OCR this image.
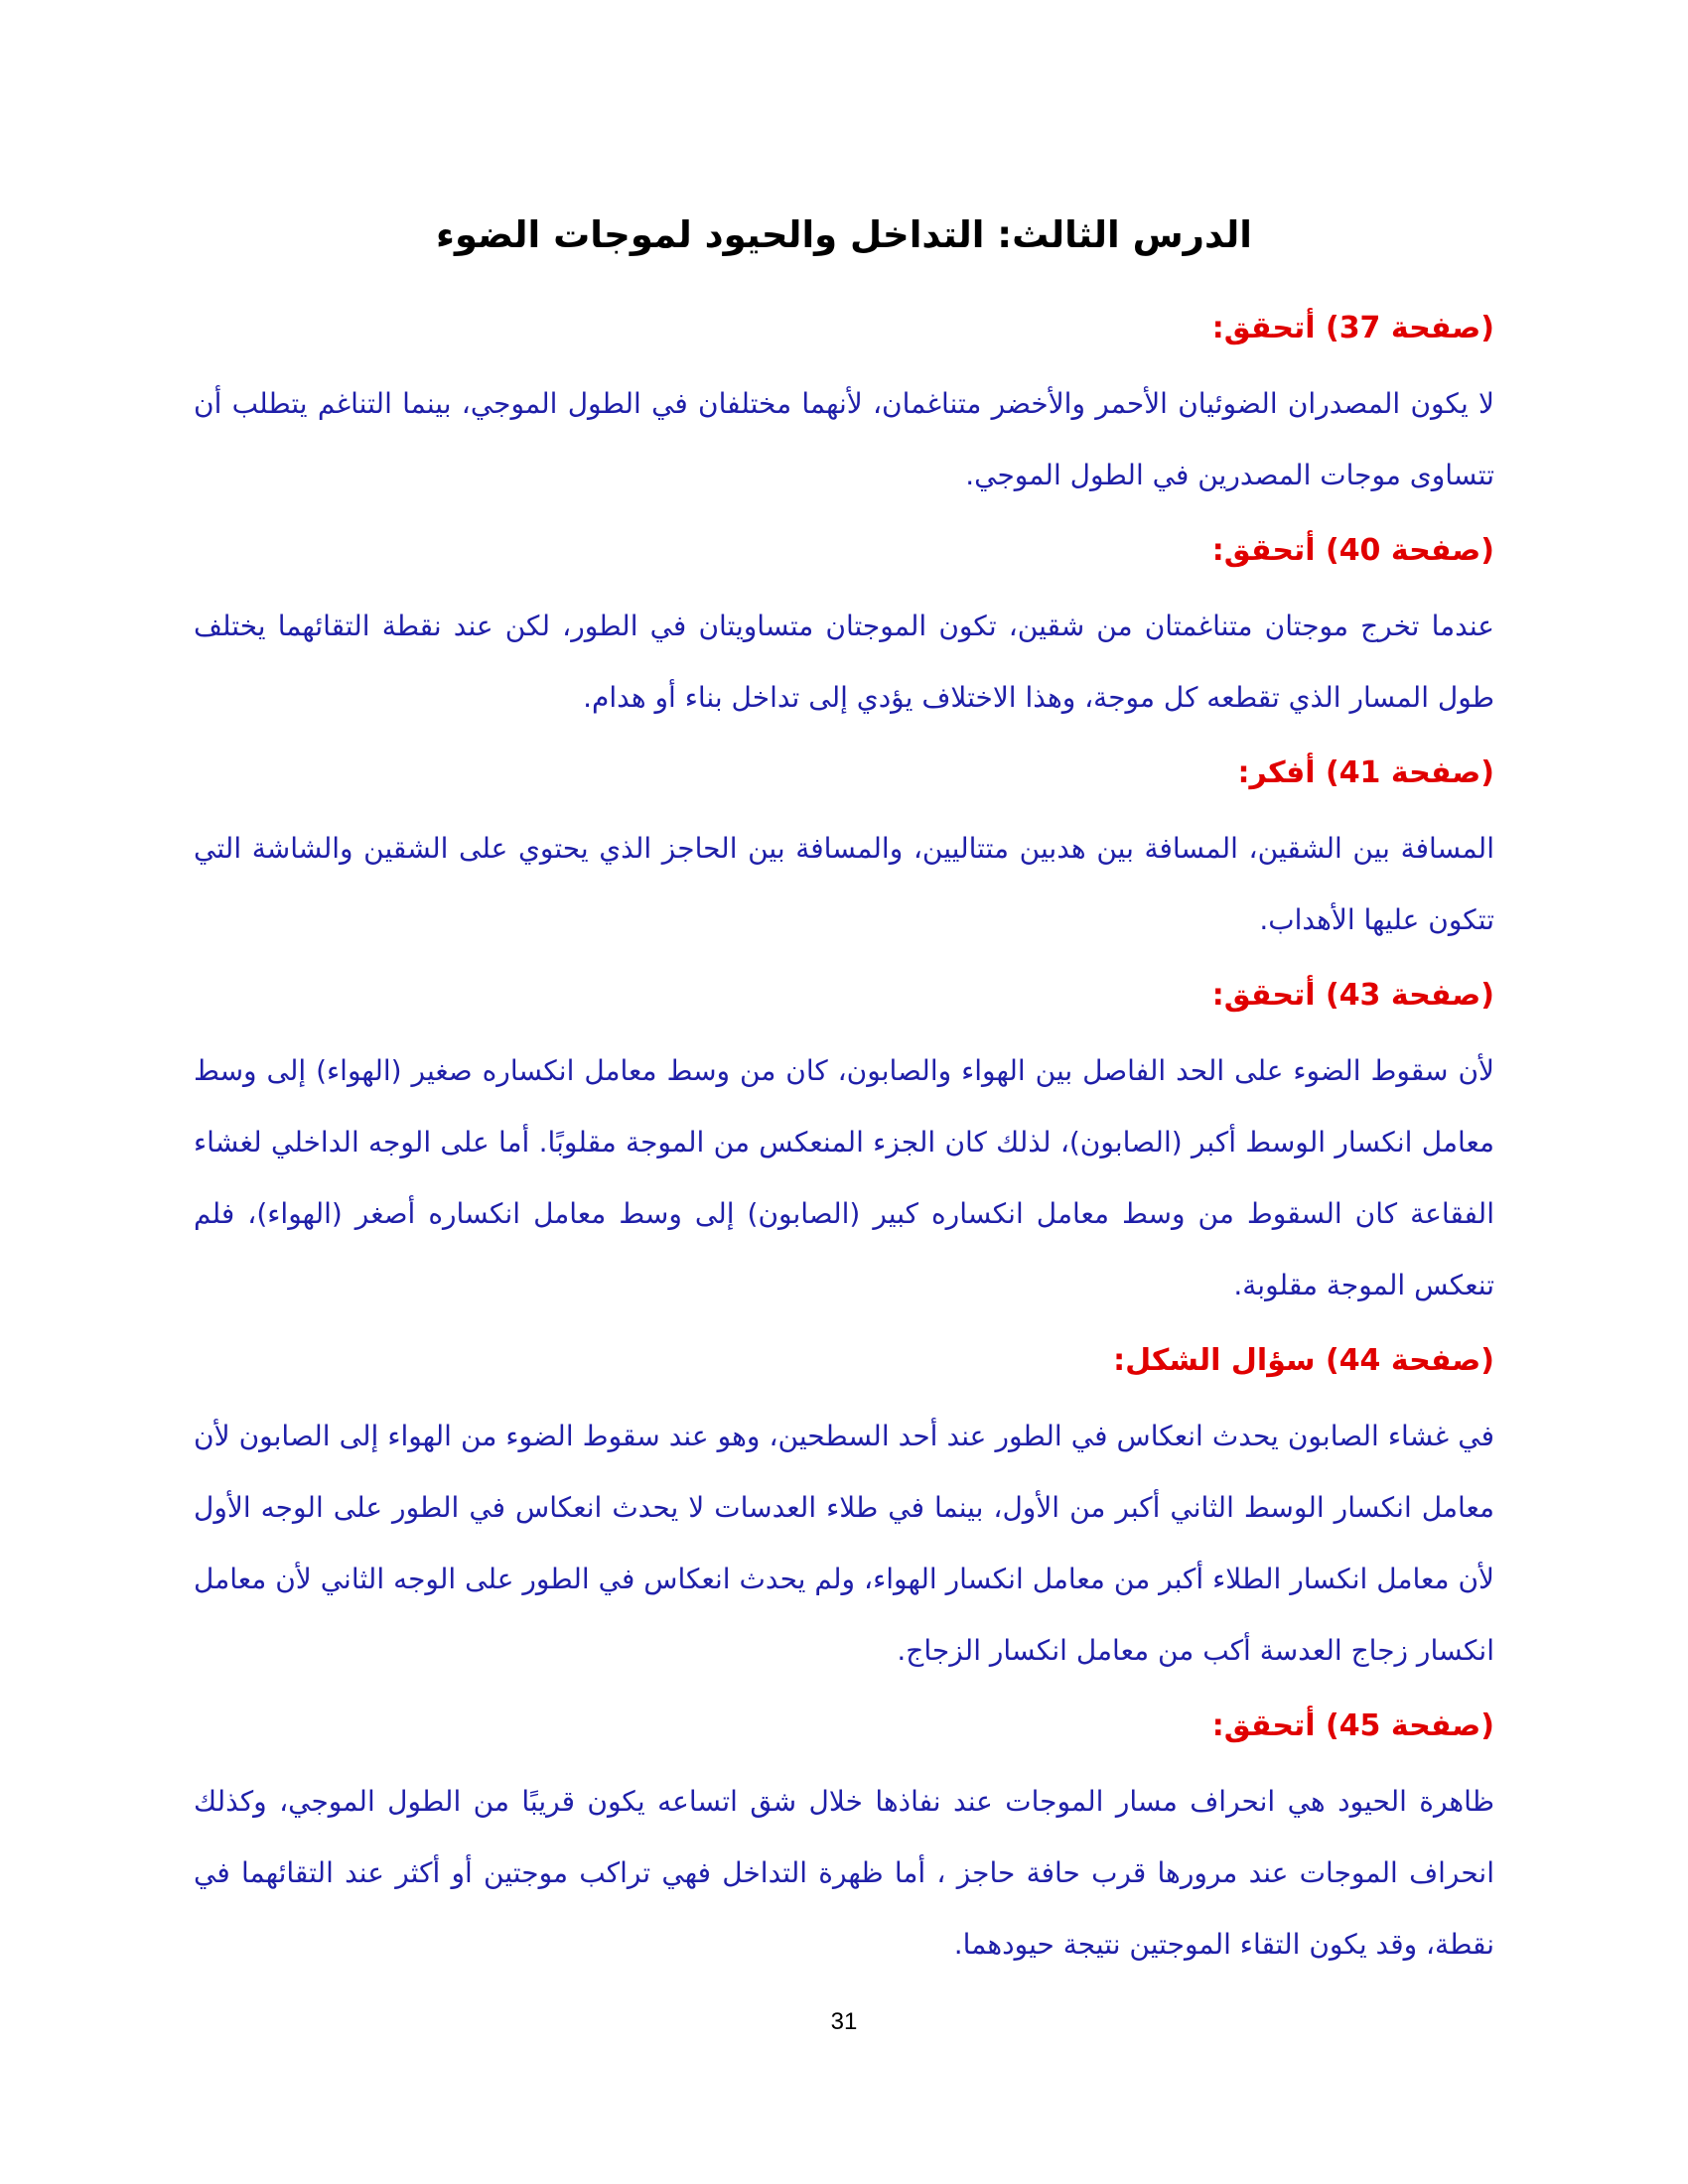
الدرس الثالث: التداخل والحيود لموجات الضوء
(صفحة 37) أتحقق:
لا يكون المصدران الضوئيان الأحمر والأخضر متناغمان، لأنهما مختلفان في الطول الموجي، بينما التناغم يتطلب أن تتساوى موجات المصدرين في الطول الموجي.
(صفحة 40) أتحقق:
عندما تخرج موجتان متناغمتان من شقين، تكون الموجتان متساويتان في الطور، لكن عند نقطة التقائهما يختلف طول المسار الذي تقطعه كل موجة، وهذا الاختلاف يؤدي إلى تداخل بناء أو هدام.
(صفحة 41) أفكر:
المسافة بين الشقين، المسافة بين هدبين متتاليين، والمسافة بين الحاجز الذي يحتوي على الشقين والشاشة التي تتكون عليها الأهداب.
(صفحة 43) أتحقق:
لأن سقوط الضوء على الحد الفاصل بين الهواء والصابون، كان من وسط معامل انكساره صغير (الهواء) إلى وسط معامل انكسار الوسط أكبر (الصابون)، لذلك كان الجزء المنعكس من الموجة مقلوبًا. أما على الوجه الداخلي لغشاء الفقاعة كان السقوط من وسط معامل انكساره كبير (الصابون) إلى وسط معامل انكساره أصغر (الهواء)، فلم تنعكس الموجة مقلوبة.
(صفحة 44) سؤال الشكل:
في غشاء الصابون يحدث انعكاس في الطور عند أحد السطحين، وهو عند سقوط الضوء من الهواء إلى الصابون لأن معامل انكسار الوسط الثاني أكبر من الأول، بينما في طلاء العدسات لا يحدث انعكاس في الطور على الوجه الأول لأن معامل انكسار الطلاء أكبر من معامل انكسار الهواء، ولم يحدث انعكاس في الطور على الوجه الثاني لأن معامل انكسار زجاج العدسة أكب من معامل انكسار الزجاج.
(صفحة 45) أتحقق:
ظاهرة الحيود هي انحراف مسار الموجات عند نفاذها خلال شق اتساعه يكون قريبًا من الطول الموجي، وكذلك انحراف الموجات عند مرورها قرب حافة حاجز ، أما ظهرة التداخل فهي تراكب موجتين أو أكثر عند التقائهما في نقطة، وقد يكون التقاء الموجتين نتيجة حيودهما.
31
